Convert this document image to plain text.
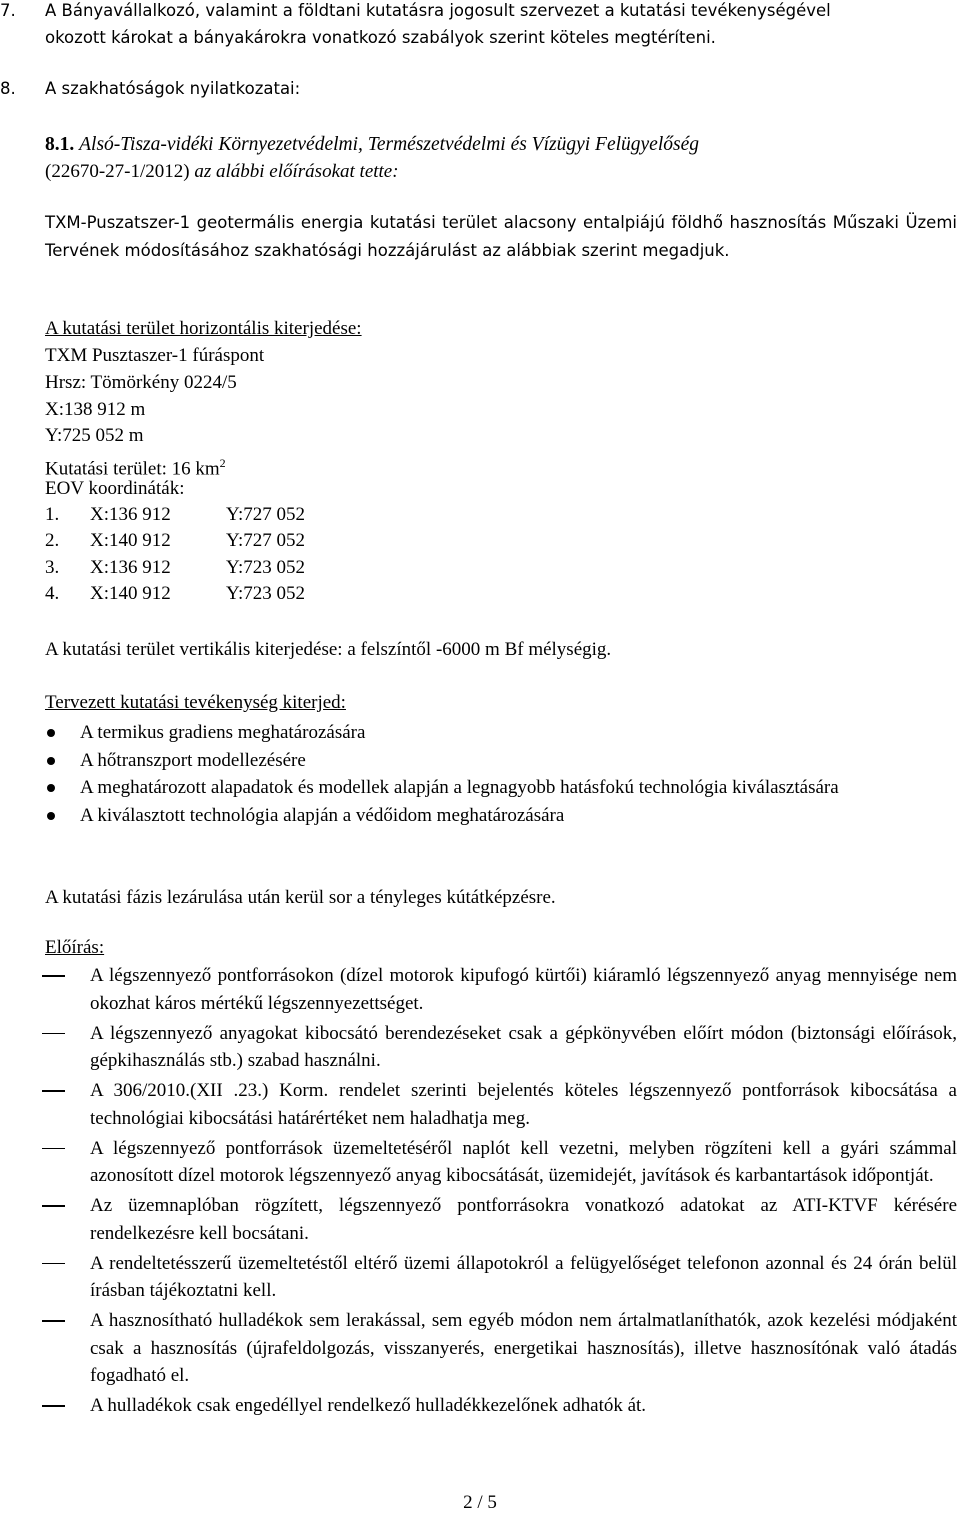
7. A Bányavállalkozó, valamint a földtani kutatásra jogosult szervezet a kutatási tevékenységével
okozott károkat a bányakárokra vonatkozó szabályok szerint köteles megtéríteni.
8. A szakhatóságok nyilatkozatai:
8.1. Alsó-Tisza-vidéki Környezetvédelmi, Természetvédelmi és Vízügyi Felügyelőség
(22670-27-1/2012) az alábbi előírásokat tette:
TXM-Puszatszer-1 geotermális energia kutatási terület alacsony entalpiájú földhő hasznosítás Műszaki Üzemi Tervének módosításához szakhatósági hozzájárulást az alábbiak szerint megadjuk.
A kutatási terület horizontális kiterjedése:
TXM Pusztaszer-1 fúráspont
Hrsz: Tömörkény 0224/5
X:138 912 m
Y:725 052 m
Kutatási terület: 16 $km^2$
EOV koordináták:
1.	X:136 912	Y:727 052
2.	X:140 912	Y:727 052
3.	X:136 912	Y:723 052
4.	X:140 912	Y:723 052
A kutatási terület vertikális kiterjedése: a felszíntől -6000 m Bf mélységig.
Tervezett kutatási tevékenység kiterjed:
A termikus gradiens meghatározására
A hőtranszport modellezésére
A meghatározott alapadatok és modellek alapján a legnagyobb hatásfokú technológia kiválasztására
A kiválasztott technológia alapján a védőidom meghatározására
A kutatási fázis lezárulása után kerül sor a tényleges kútátképzésre.
Előírás:
A légszennyező pontforrásokon (dízel motorok kipufogó kürtői) kiáramló légszennyező anyag mennyisége nem okozhat káros mértékű légszennyezettséget.
A légszennyező anyagokat kibocsátó berendezéseket csak a gépkönyvében előírt módon (biztonsági előírások, gépkihasználás stb.) szabad használni.
A 306/2010.(XII .23.) Korm. rendelet szerinti bejelentés köteles légszennyező pontforrások kibocsátása a technológiai kibocsátási határértéket nem haladhatja meg.
A légszennyező pontforrások üzemeltetéséről naplót kell vezetni, melyben rögzíteni kell a gyári számmal azonosított dízel motorok légszennyező anyag kibocsátását, üzemidejét, javítások és karbantartások időpontját.
Az üzemnaplóban rögzített, légszennyező pontforrásokra vonatkozó adatokat az ATI-KTVF kérésére rendelkezésre kell bocsátani.
A rendeltetésszerű üzemeltetéstől eltérő üzemi állapotokról a felügyelőséget telefonon azonnal és 24 órán belül írásban tájékoztatni kell.
A hasznosítható hulladékok sem lerakással, sem egyéb módon nem ártalmatlaníthatók, azok kezelési módjaként csak a hasznosítás (újrafeldolgozás, visszanyerés, energetikai hasznosítás), illetve hasznosítónak való átadás fogadható el.
A hulladékok csak engedéllyel rendelkező hulladékkezelőnek adhatók át.
2 / 5
